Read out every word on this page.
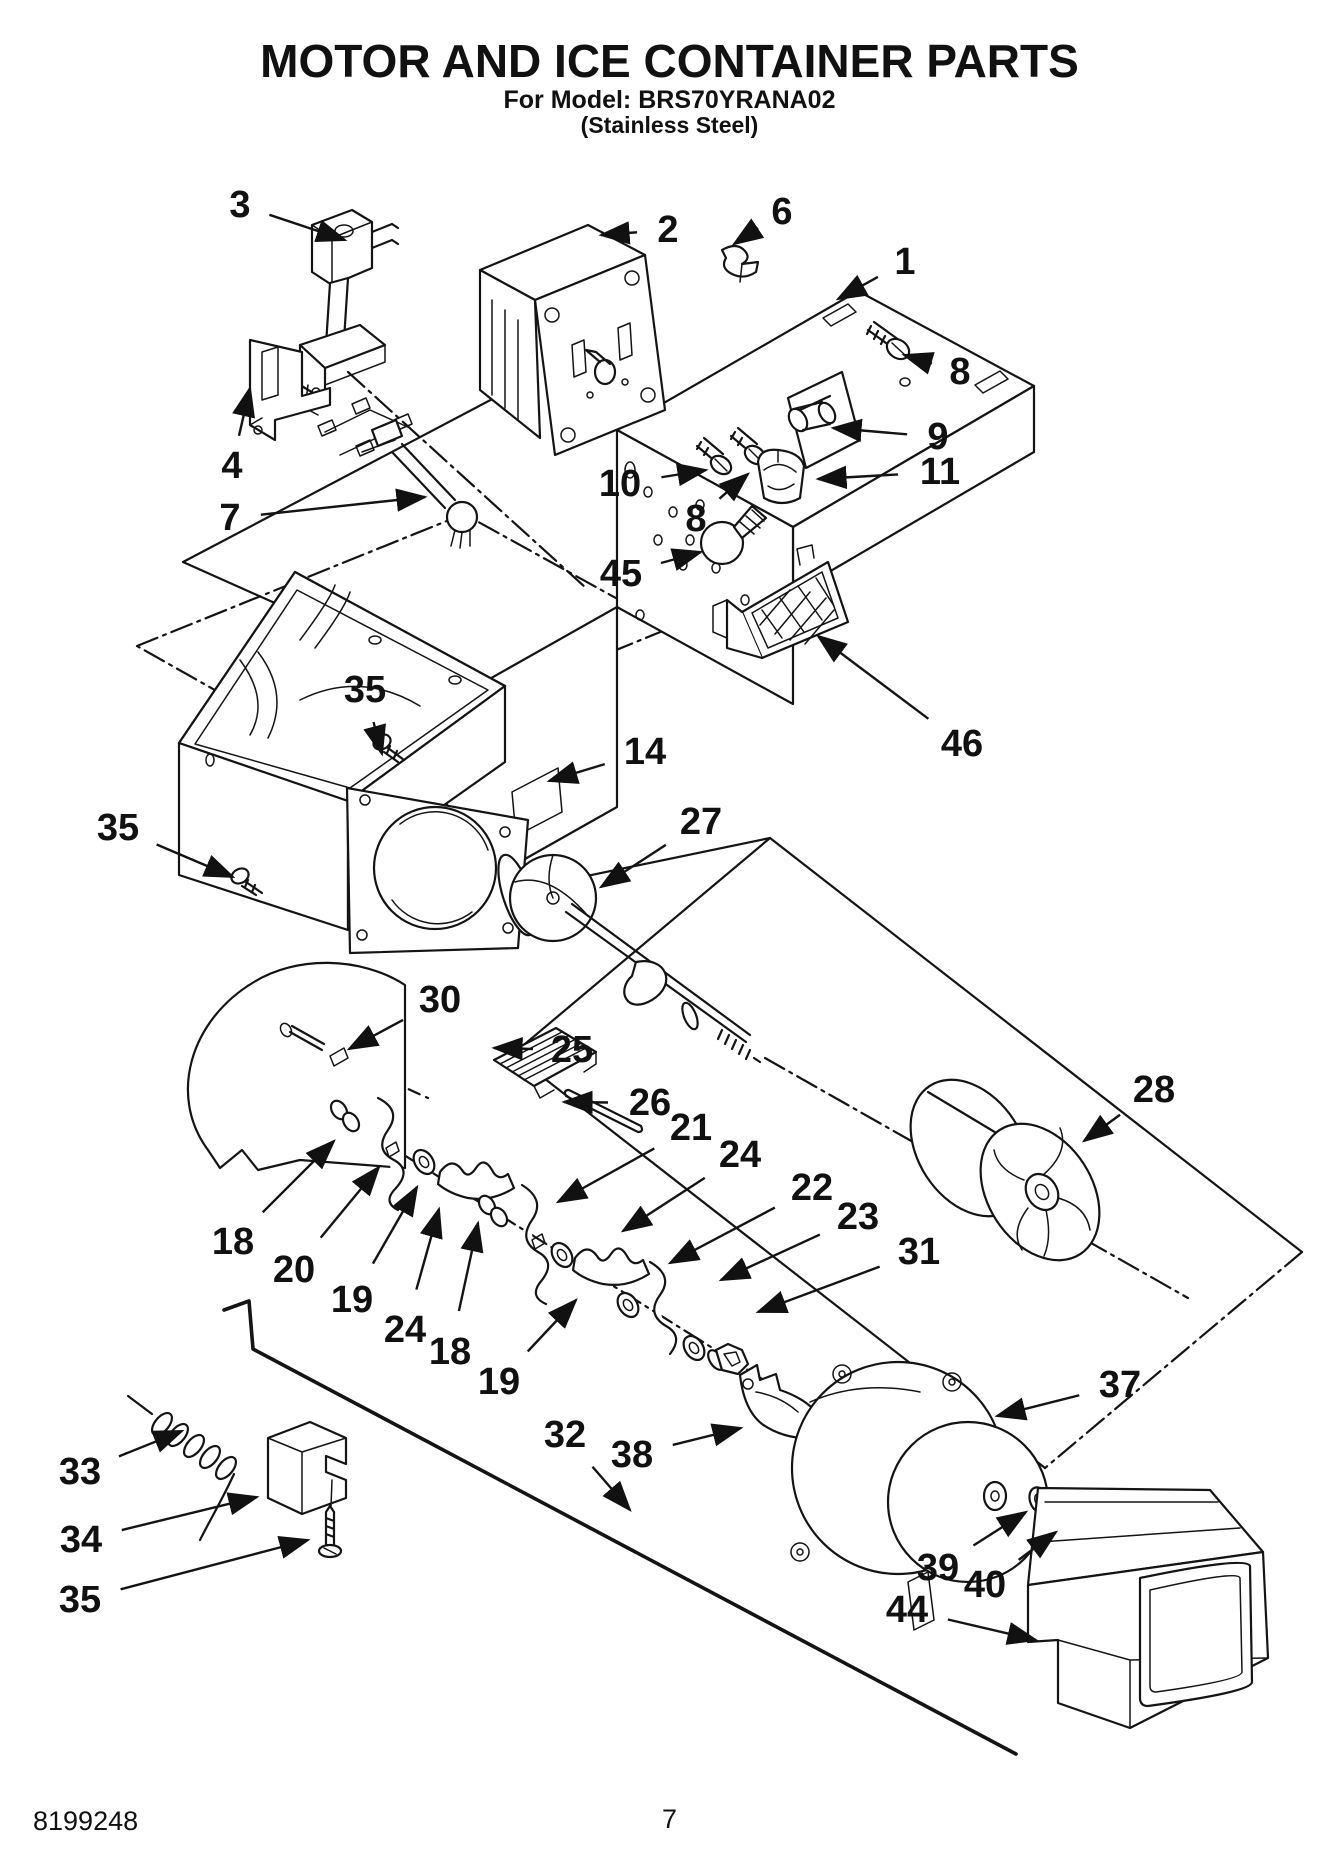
MOTOR AND ICE CONTAINER PARTS
For Model: BRS70YRANA02
(Stainless Steel)
3
2 6
1
8
4
9
10	11
7	8
45
46
35
14
35	27
30
25
26
21
24
28
22
23
31
18
20
19
24
18
19	37
32 38
33
34
35
39 40
44
8199248	7
